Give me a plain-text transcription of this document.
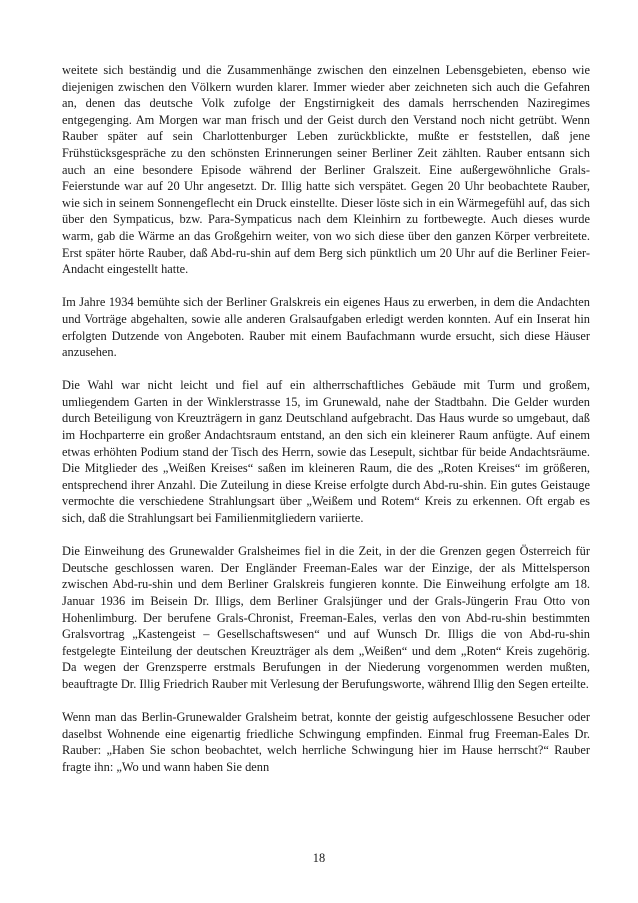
weitete sich beständig und die Zusammenhänge zwischen den einzelnen Lebensgebieten, ebenso wie diejenigen zwischen den Völkern wurden klarer. Immer wieder aber zeichneten sich auch die Gefahren an, denen das deutsche Volk zufolge der Engstirnigkeit des damals herrschenden Naziregimes entgegenging. Am Morgen war man frisch und der Geist durch den Verstand noch nicht getrübt. Wenn Rauber später auf sein Charlottenburger Leben zurückblickte, mußte er feststellen, daß jene Frühstücksgespräche zu den schönsten Erinnerungen seiner Berliner Zeit zählten. Rauber entsann sich auch an eine besondere Episode während der Berliner Gralszeit. Eine außergewöhnliche Grals-Feierstunde war auf 20 Uhr angesetzt. Dr. Illig hatte sich verspätet. Gegen 20 Uhr beobachtete Rauber, wie sich in seinem Sonnengeflecht ein Druck einstellte. Dieser löste sich in ein Wärmegefühl auf, das sich über den Sympaticus, bzw. Para-Sympaticus nach dem Kleinhirn zu fortbewegte. Auch dieses wurde warm, gab die Wärme an das Großgehirn weiter, von wo sich diese über den ganzen Körper verbreitete. Erst später hörte Rauber, daß Abd-ru-shin auf dem Berg sich pünktlich um 20 Uhr auf die Berliner Feier-Andacht eingestellt hatte.

Im Jahre 1934 bemühte sich der Berliner Gralskreis ein eigenes Haus zu erwerben, in dem die Andachten und Vorträge abgehalten, sowie alle anderen Gralsaufgaben erledigt werden konnten. Auf ein Inserat hin erfolgten Dutzende von Angeboten. Rauber mit einem Baufachmann wurde ersucht, sich diese Häuser anzusehen.

Die Wahl war nicht leicht und fiel auf ein altherrschaftliches Gebäude mit Turm und großem, umliegendem Garten in der Winklerstrasse 15, im Grunewald, nahe der Stadtbahn. Die Gelder wurden durch Beteiligung von Kreuzträgern in ganz Deutschland aufgebracht. Das Haus wurde so umgebaut, daß im Hochparterre ein großer Andachtsraum entstand, an den sich ein kleinerer Raum anfügte. Auf einem etwas erhöhten Podium stand der Tisch des Herrn, sowie das Lesepult, sichtbar für beide Andachtsräume. Die Mitglieder des „Weißen Kreises“ saßen im kleineren Raum, die des „Roten Kreises“ im größeren, entsprechend ihrer Anzahl. Die Zuteilung in diese Kreise erfolgte durch Abd-ru-shin. Ein gutes Geistauge vermochte die verschiedene Strahlungsart über „Weißem und Rotem“ Kreis zu erkennen. Oft ergab es sich, daß die Strahlungsart bei Familienmitgliedern variierte.

Die Einweihung des Grunewalder Gralsheimes fiel in die Zeit, in der die Grenzen gegen Österreich für Deutsche geschlossen waren. Der Engländer Freeman-Eales war der Einzige, der als Mittelsperson zwischen Abd-ru-shin und dem Berliner Gralskreis fungieren konnte. Die Einweihung erfolgte am 18. Januar 1936 im Beisein Dr. Illigs, dem Berliner Gralsjünger und der Grals-Jüngerin Frau Otto von Hohenlimburg. Der berufene Grals-Chronist, Freeman-Eales, verlas den von Abd-ru-shin bestimmten Gralsvortrag „Kastengeist – Gesellschaftswesen“ und auf Wunsch Dr. Illigs die von Abd-ru-shin festgelegte Einteilung der deutschen Kreuzträger als dem „Weißen“ und dem „Roten“ Kreis zugehörig. Da wegen der Grenzsperre erstmals Berufungen in der Niederung vorgenommen werden mußten, beauftragte Dr. Illig Friedrich Rauber mit Verlesung der Berufungsworte, während Illig den Segen erteilte.

Wenn man das Berlin-Grunewalder Gralsheim betrat, konnte der geistig aufgeschlossene Besucher oder daselbst Wohnende eine eigenartig friedliche Schwingung empfinden. Einmal frug Freeman-Eales Dr. Rauber: „Haben Sie schon beobachtet, welch herrliche Schwingung hier im Hause herrscht?“ Rauber fragte ihn: „Wo und wann haben Sie denn

18
